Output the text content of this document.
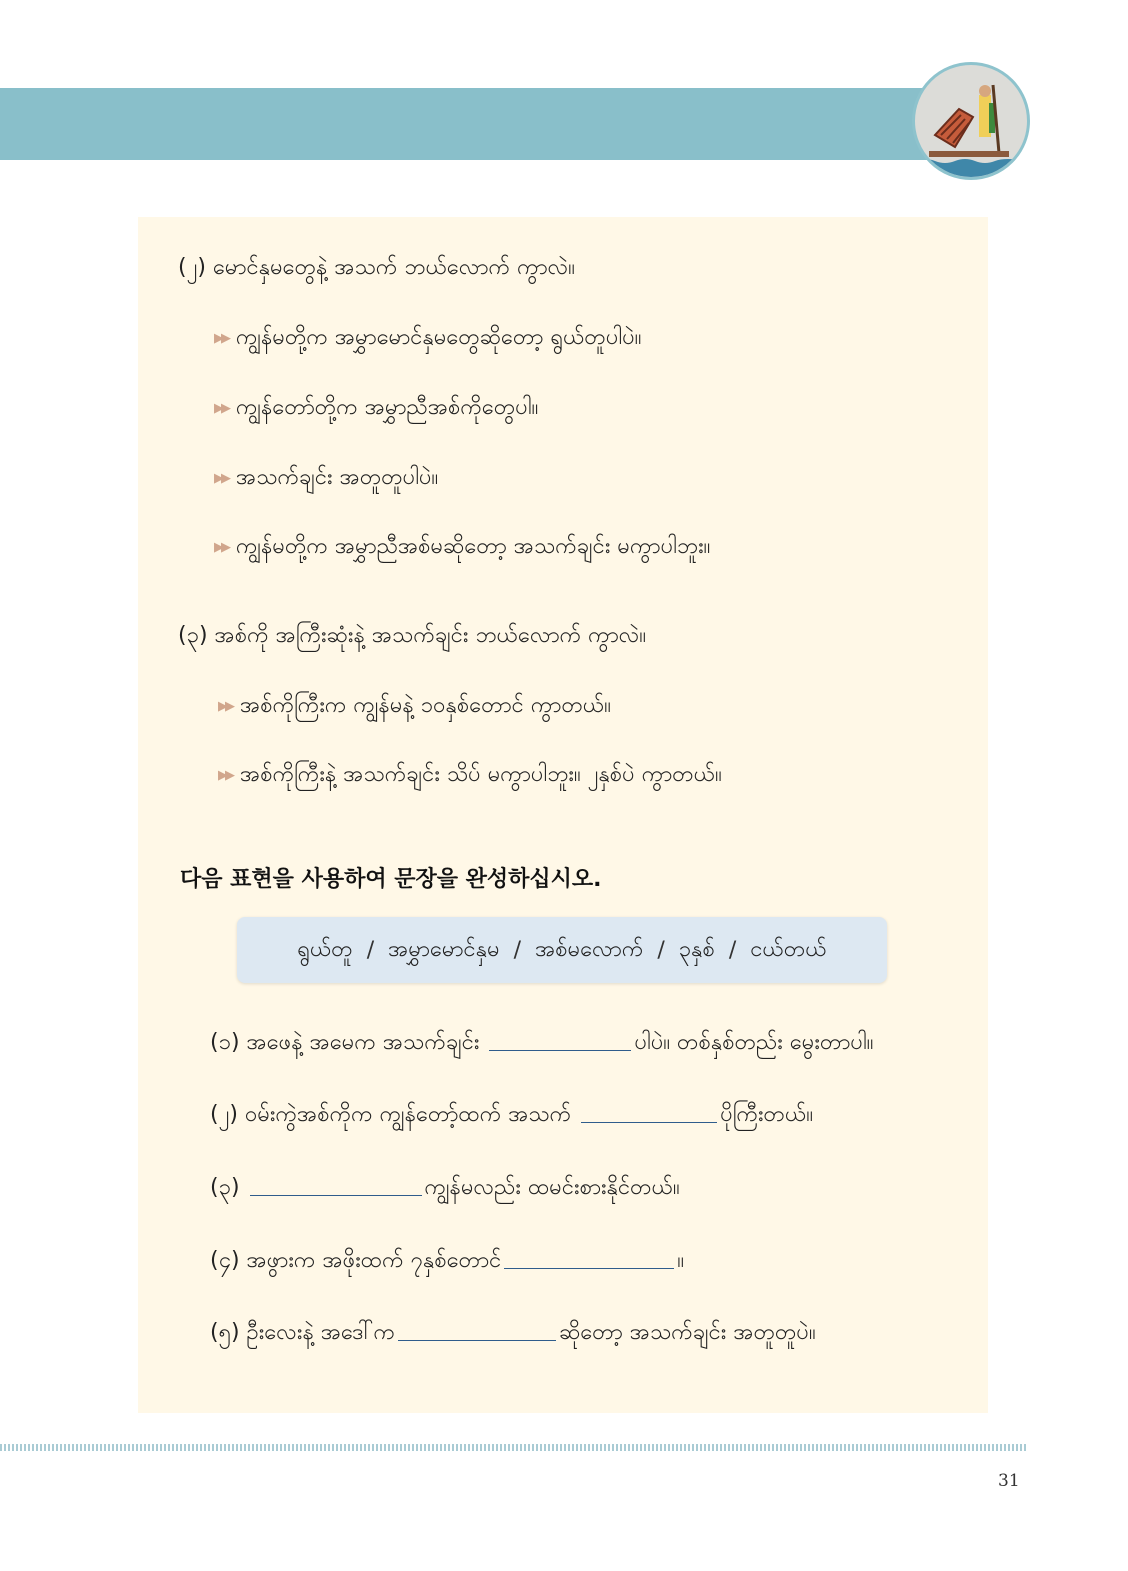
(၂) မောင်နှမတွေနဲ့ အသက် ဘယ်လောက် ကွာလဲ။
▶▶ ကျွန်မတို့က အမွှာမောင်နှမတွေဆိုတော့ ရွယ်တူပါပဲ။
▶▶ ကျွန်တော်တို့က အမွှာညီအစ်ကိုတွေပါ။
▶▶ အသက်ချင်း အတူတူပါပဲ။
▶▶ ကျွန်မတို့က အမွှာညီအစ်မဆိုတော့ အသက်ချင်း မကွာပါဘူး။
(၃) အစ်ကို အကြီးဆုံးနဲ့ အသက်ချင်း ဘယ်လောက် ကွာလဲ။
▶▶ အစ်ကိုကြီးက ကျွန်မနဲ့ ၁၀နှစ်တောင် ကွာတယ်။
▶▶ အစ်ကိုကြီးနဲ့ အသက်ချင်း သိပ် မကွာပါဘူး။ ၂နှစ်ပဲ ကွာတယ်။
다음 표현을 사용하여 문장을 완성하십시오.
ရွယ်တူ / အမွှာမောင်နှမ / အစ်မလောက် / ၃နှစ် / ငယ်တယ်
(၁) အဖေနဲ့ အမေက အသက်ချင်း	ပါပဲ။ တစ်နှစ်တည်း မွေးတာပါ။
(၂) ဝမ်းကွဲအစ်ကိုက ကျွန်တော့်ထက် အသက်	ပိုကြီးတယ်။
(၃)	ကျွန်မလည်း ထမင်းစားနိုင်တယ်။
(၄) အဖွားက အဖိုးထက် ၇နှစ်တောင်	။
(၅) ဦးလေးနဲ့ အဒေါ်က	ဆိုတော့ အသက်ချင်း အတူတူပဲ။
31
